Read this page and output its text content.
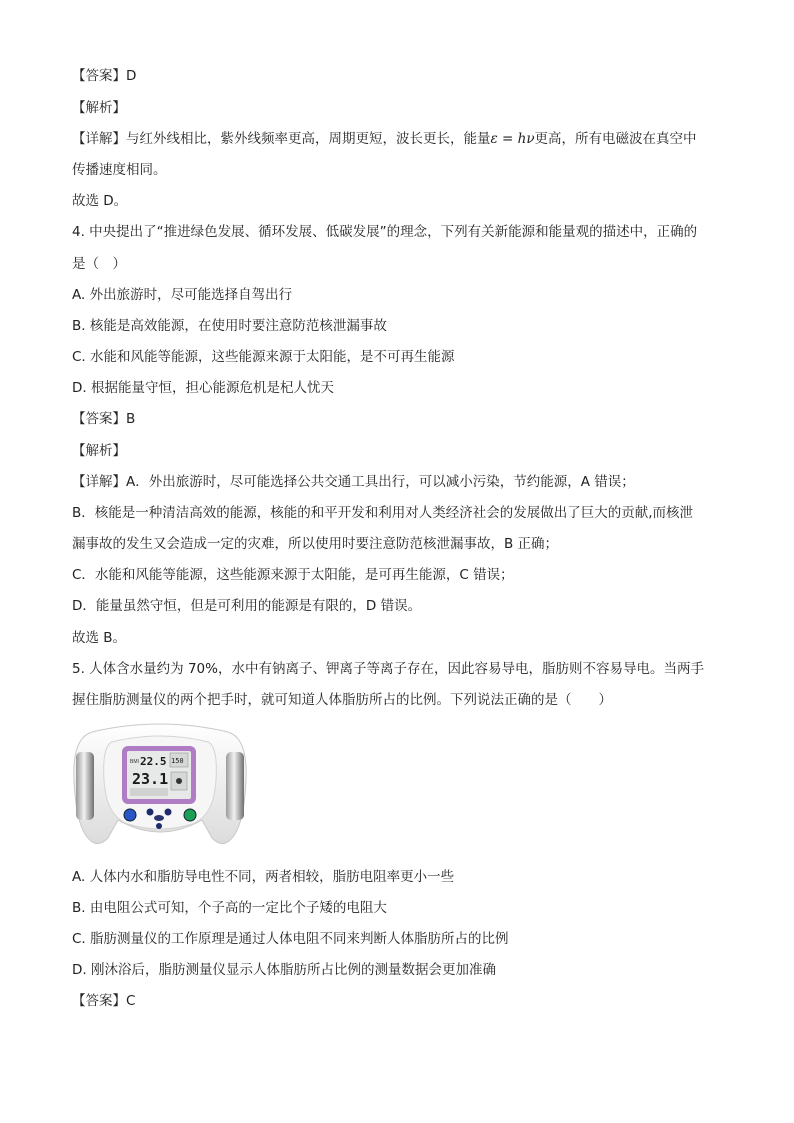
【答案】D
【解析】
【详解】与红外线相比，紫外线频率更高，周期更短，波长更长，能量ε = hν更高，所有电磁波在真空中
传播速度相同。
故选 D。
4. 中央提出了“推进绿色发展、循环发展、低碳发展”的理念，下列有关新能源和能量观的描述中，正确的
是（　）
A. 外出旅游时，尽可能选择自驾出行
B. 核能是高效能源，在使用时要注意防范核泄漏事故
C. 水能和风能等能源，这些能源来源于太阳能，是不可再生能源
D. 根据能量守恒，担心能源危机是杞人忧天
【答案】B
【解析】
【详解】A．外出旅游时，尽可能选择公共交通工具出行，可以减小污染，节约能源，A 错误；
B．核能是一种清洁高效的能源，核能的和平开发和利用对人类经济社会的发展做出了巨大的贡献,而核泄
漏事故的发生又会造成一定的灾难，所以使用时要注意防范核泄漏事故，B 正确；
C．水能和风能等能源，这些能源来源于太阳能，是可再生能源，C 错误；
D．能量虽然守恒，但是可利用的能源是有限的，D 错误。
故选 B。
5. 人体含水量约为 70%，水中有钠离子、钾离子等离子存在，因此容易导电，脂肪则不容易导电。当两手
握住脂肪测量仪的两个把手时，就可知道人体脂肪所占的比例。下列说法正确的是（　　）
BMI 22.5 150
23.1
A. 人体内水和脂肪导电性不同，两者相较，脂肪电阻率更小一些
B. 由电阻公式可知，个子高的一定比个子矮的电阻大
C. 脂肪测量仪的工作原理是通过人体电阻不同来判断人体脂肪所占的比例
D. 刚沐浴后，脂肪测量仪显示人体脂肪所占比例的测量数据会更加准确
【答案】C
